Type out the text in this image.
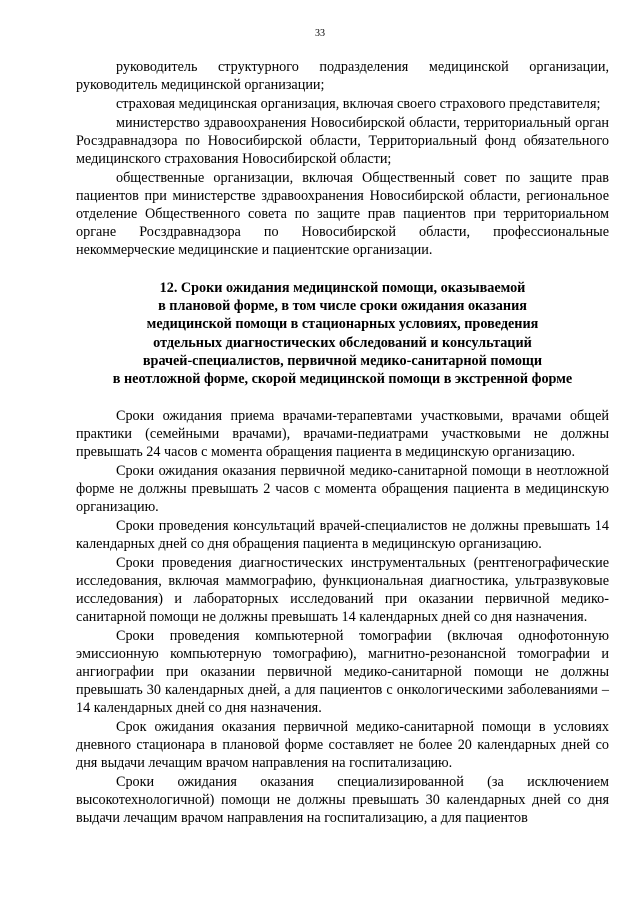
33

руководитель структурного подразделения медицинской организации, руководитель медицинской организации;

страховая медицинская организация, включая своего страхового представителя;

министерство здравоохранения Новосибирской области, территориальный орган Росздравнадзора по Новосибирской области, Территориальный фонд обязательного медицинского страхования Новосибирской области;

общественные организации, включая Общественный совет по защите прав пациентов при министерстве здравоохранения Новосибирской области, региональное отделение Общественного совета по защите прав пациентов при территориальном органе Росздравнадзора по Новосибирской области, профессиональные некоммерческие медицинские и пациентские организации.

12. Сроки ожидания медицинской помощи, оказываемой
в плановой форме, в том числе сроки ожидания оказания
медицинской помощи в стационарных условиях, проведения
отдельных диагностических обследований и консультаций
врачей-специалистов, первичной медико-санитарной помощи
в неотложной форме, скорой медицинской помощи в экстренной форме

Сроки ожидания приема врачами-терапевтами участковыми, врачами общей практики (семейными врачами), врачами-педиатрами участковыми не должны превышать 24 часов с момента обращения пациента в медицинскую организацию.

Сроки ожидания оказания первичной медико-санитарной помощи в неотложной форме не должны превышать 2 часов с момента обращения пациента в медицинскую организацию.

Сроки проведения консультаций врачей-специалистов не должны превышать 14 календарных дней со дня обращения пациента в медицинскую организацию.

Сроки проведения диагностических инструментальных (рентгенографические исследования, включая маммографию, функциональная диагностика, ультразвуковые исследования) и лабораторных исследований при оказании первичной медико-санитарной помощи не должны превышать 14 календарных дней со дня назначения.

Сроки проведения компьютерной томографии (включая однофотонную эмиссионную компьютерную томографию), магнитно-резонансной томографии и ангиографии при оказании первичной медико-санитарной помощи не должны превышать 30 календарных дней, а для пациентов с онкологическими заболеваниями – 14 календарных дней со дня назначения.

Срок ожидания оказания первичной медико-санитарной помощи в условиях дневного стационара в плановой форме составляет не более 20 календарных дней со дня выдачи лечащим врачом направления на госпитализацию.

Сроки ожидания оказания специализированной (за исключением высокотехнологичной) помощи не должны превышать 30 календарных дней со дня выдачи лечащим врачом направления на госпитализацию, а для пациентов
